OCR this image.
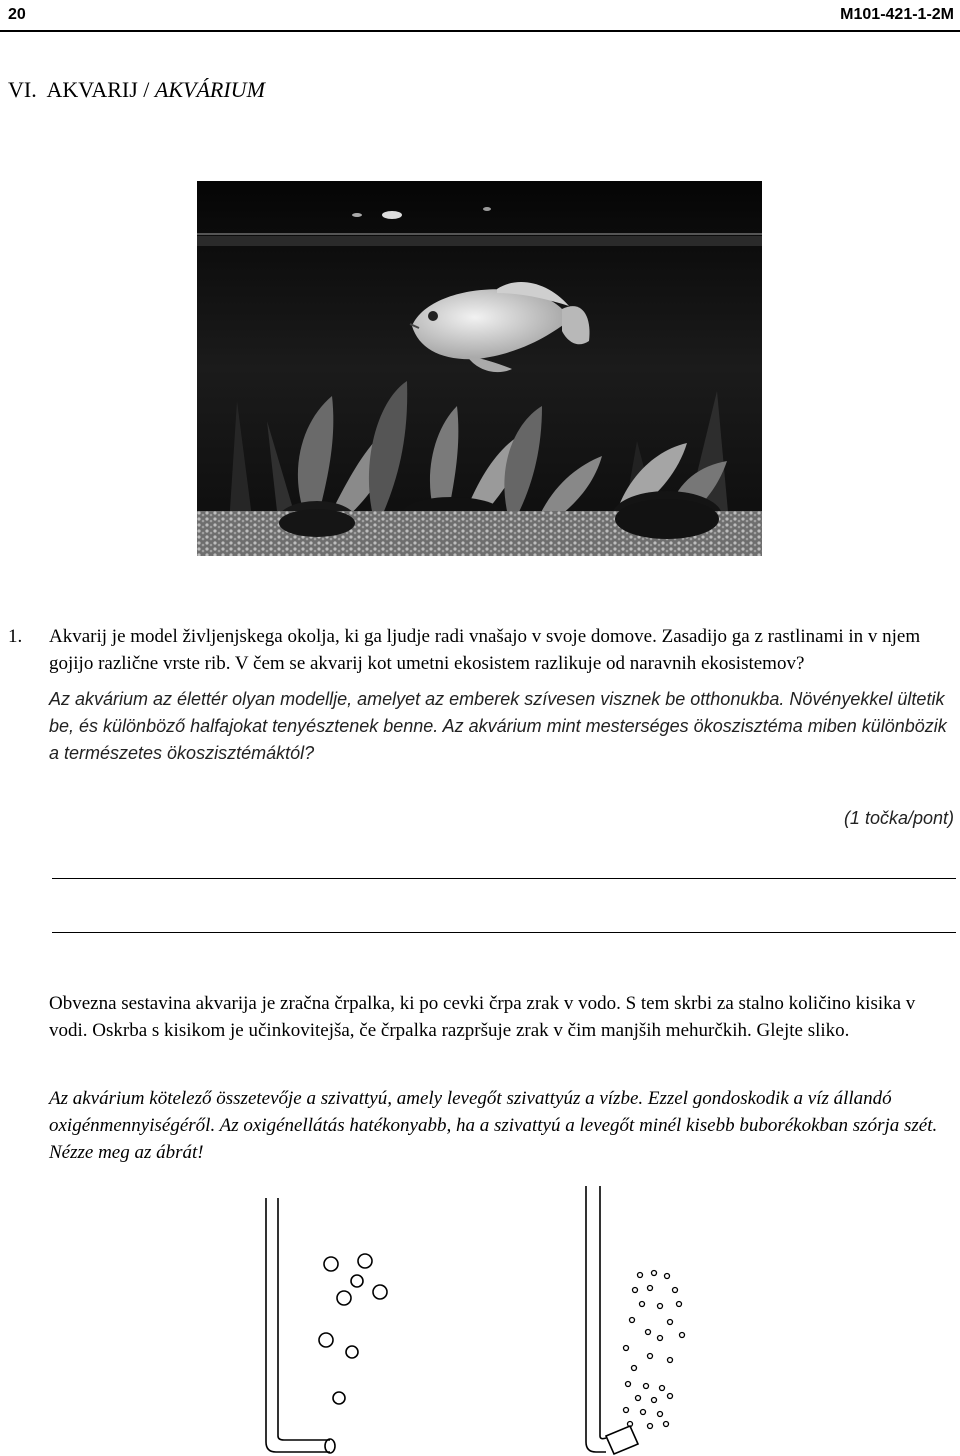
20	M101-421-1-2M
VI. AKVARIJ / AKVÁRIUM
1. Akvarij je model življenjskega okolja, ki ga ljudje radi vnašajo v svoje domove. Zasadijo ga z rastlinami in v njem gojijo različne vrste rib. V čem se akvarij kot umetni ekosistem razlikuje od naravnih ekosistemov?
Az akvárium az élettér olyan modellje, amelyet az emberek szívesen visznek be otthonukba. Növényekkel ültetik be, és különböző halfajokat tenyésztenek benne. Az akvárium mint mesterséges ökoszisztéma miben különbözik a természetes ökoszisztémáktól?
(1 točka/pont)
Obvezna sestavina akvarija je zračna črpalka, ki po cevki črpa zrak v vodo. S tem skrbi za stalno količino kisika v vodi. Oskrba s kisikom je učinkovitejša, če črpalka razpršuje zrak v čim manjših mehurčkih. Glejte sliko.
Az akvárium kötelező összetevője a szivattyú, amely levegőt szivattyúz a vízbe. Ezzel gondoskodik a víz állandó oxigénmennyiségéről. Az oxigénellátás hatékonyabb, ha a szivattyú a levegőt minél kisebb buborékokban szórja szét. Nézze meg az ábrát!
